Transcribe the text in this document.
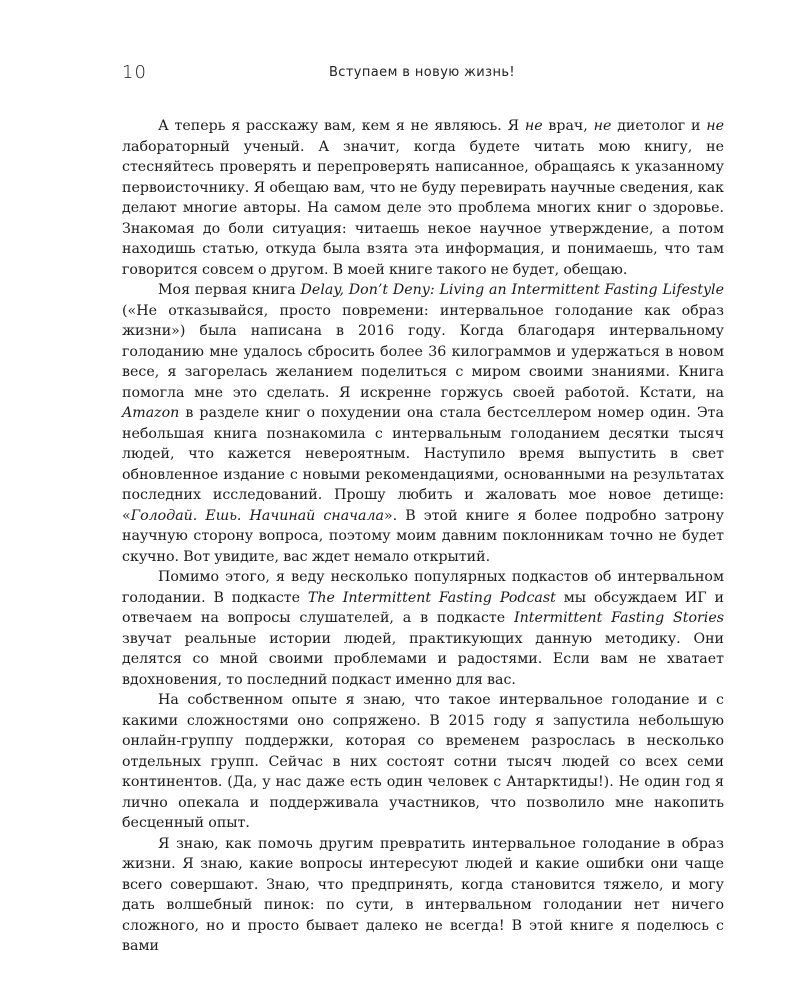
10	Вступаем в новую жизнь!

А теперь я расскажу вам, кем я не являюсь. Я не врач, не диетолог и не лабораторный ученый. А значит, когда будете читать мою книгу, не стесняйтесь проверять и перепроверять написанное, обращаясь к указанному первоисточнику. Я обещаю вам, что не буду перевирать научные сведения, как делают многие авторы. На самом деле это проблема многих книг о здоровье. Знакомая до боли ситуация: читаешь некое научное утверждение, а потом находишь статью, откуда была взята эта информация, и понимаешь, что там говорится совсем о другом. В моей книге такого не будет, обещаю.

Моя первая книга Delay, Don’t Deny: Living an Intermittent Fasting Lifestyle («Не отказывайся, просто повремени: интервальное голодание как образ жизни») была написана в 2016 году. Когда благодаря интервальному голоданию мне удалось сбросить более 36 килограммов и удержаться в новом весе, я загорелась желанием поделиться с миром своими знаниями. Книга помогла мне это сделать. Я искренне горжусь своей работой. Кстати, на Amazon в разделе книг о похудении она стала бестселлером номер один. Эта небольшая книга познакомила с интервальным голоданием десятки тысяч людей, что кажется невероятным. Наступило время выпустить в свет обновленное издание с новыми рекомендациями, основанными на результатах последних исследований. Прошу любить и жаловать мое новое детище: «Голодай. Ешь. Начинай сначала». В этой книге я более подробно затрону научную сторону вопроса, поэтому моим давним поклонникам точно не будет скучно. Вот увидите, вас ждет немало открытий.

Помимо этого, я веду несколько популярных подкастов об интервальном голодании. В подкасте The Intermittent Fasting Podcast мы обсуждаем ИГ и отвечаем на вопросы слушателей, а в подкасте Intermittent Fasting Stories звучат реальные истории людей, практикующих данную методику. Они делятся со мной своими проблемами и радостями. Если вам не хватает вдохновения, то последний подкаст именно для вас.

На собственном опыте я знаю, что такое интервальное голодание и с какими сложностями оно сопряжено. В 2015 году я запустила небольшую онлайн-группу поддержки, которая со временем разрослась в несколько отдельных групп. Сейчас в них состоят сотни тысяч людей со всех семи континентов. (Да, у нас даже есть один человек с Антарктиды!). Не один год я лично опекала и поддерживала участников, что позволило мне накопить бесценный опыт.

Я знаю, как помочь другим превратить интервальное голодание в образ жизни. Я знаю, какие вопросы интересуют людей и какие ошибки они чаще всего совершают. Знаю, что предпринять, когда становится тяжело, и могу дать волшебный пинок: по сути, в интервальном голодании нет ничего сложного, но и просто бывает далеко не всегда! В этой книге я поделюсь с вами
